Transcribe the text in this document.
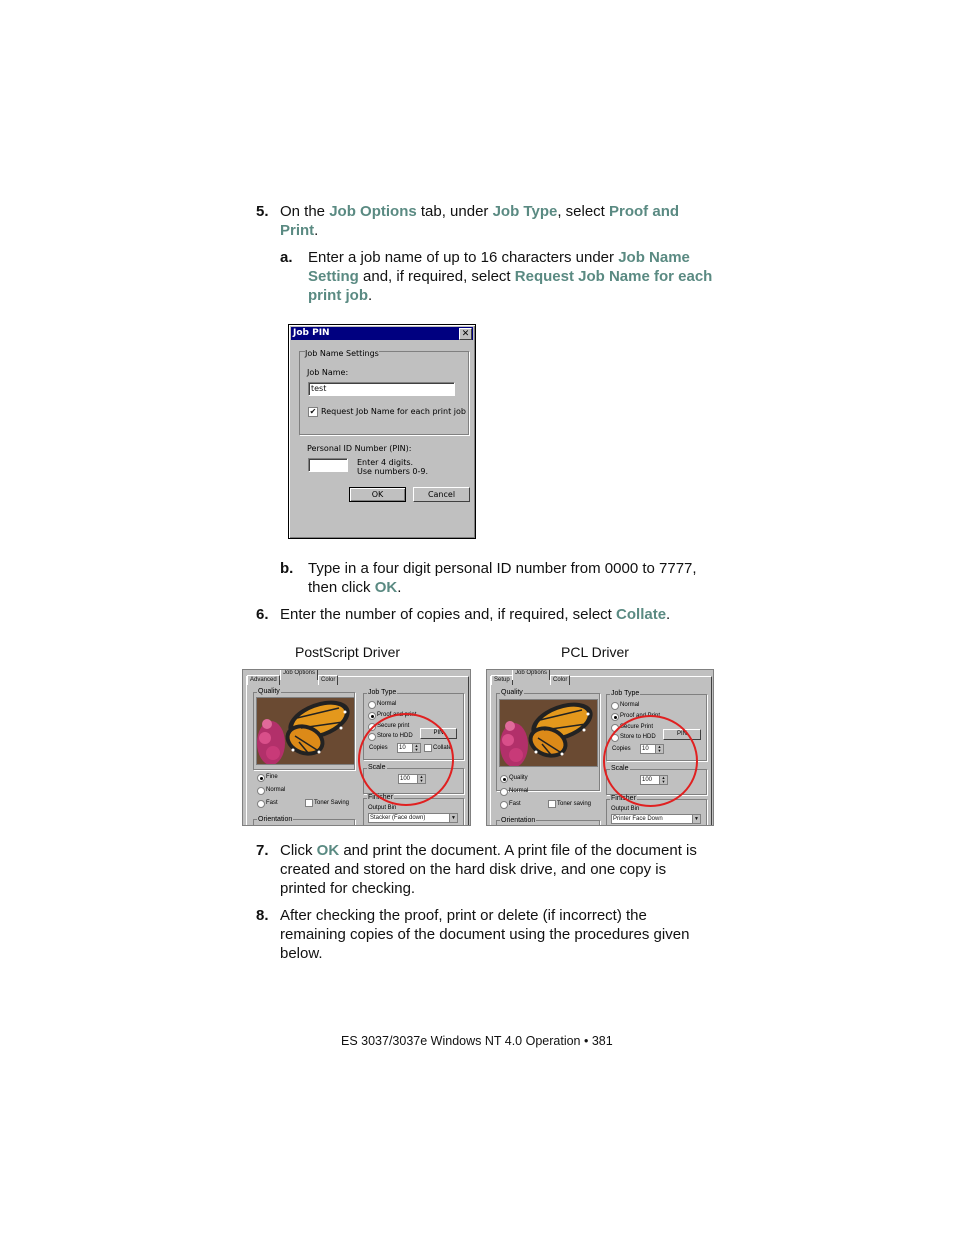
5. On the Job Options tab, under Job Type, select Proof and
Print.
a. Enter a job name of up to 16 characters under Job Name
Setting and, if required, select Request Job Name for each
print job.
Job PIN	✕
Job Name Settings
Job Name:
test
✔ Request Job Name for each print job
Personal ID Number (PIN):
Enter 4 digits.
Use numbers 0-9.
OK	Cancel
b. Type in a four digit personal ID number from 0000 to 7777,
then click OK.
6. Enter the number of copies and, if required, select Collate.
PostScript Driver	PCL Driver
Advanced
Job Options
Color
Quality
Fine
Normal
Fast	Toner Saving
Orientation
Job Type
Normal
Proof and print
Secure print
Store to HDD	PIN
Copies	10	▲
▼ Collate
Scale
100	▲
▼
Finisher
Output Bin
Stacker (Face down)	▼
Setup
Job Options
Color
Quality
Quality
Normal
Fast	Toner saving
Orientation
Job Type
Normal
Proof and Print
Secure Print
Store to HDD	PIN
Copies	10	▲
▼
Scale
100	▲
▼
Finisher
Output Bin
Printer Face Down	▼
7. Click OK and print the document. A print file of the document is
created and stored on the hard disk drive, and one copy is
printed for checking.
8. After checking the proof, print or delete (if incorrect) the
remaining copies of the document using the procedures given
below.
ES 3037/3037e Windows NT 4.0 Operation • 381
